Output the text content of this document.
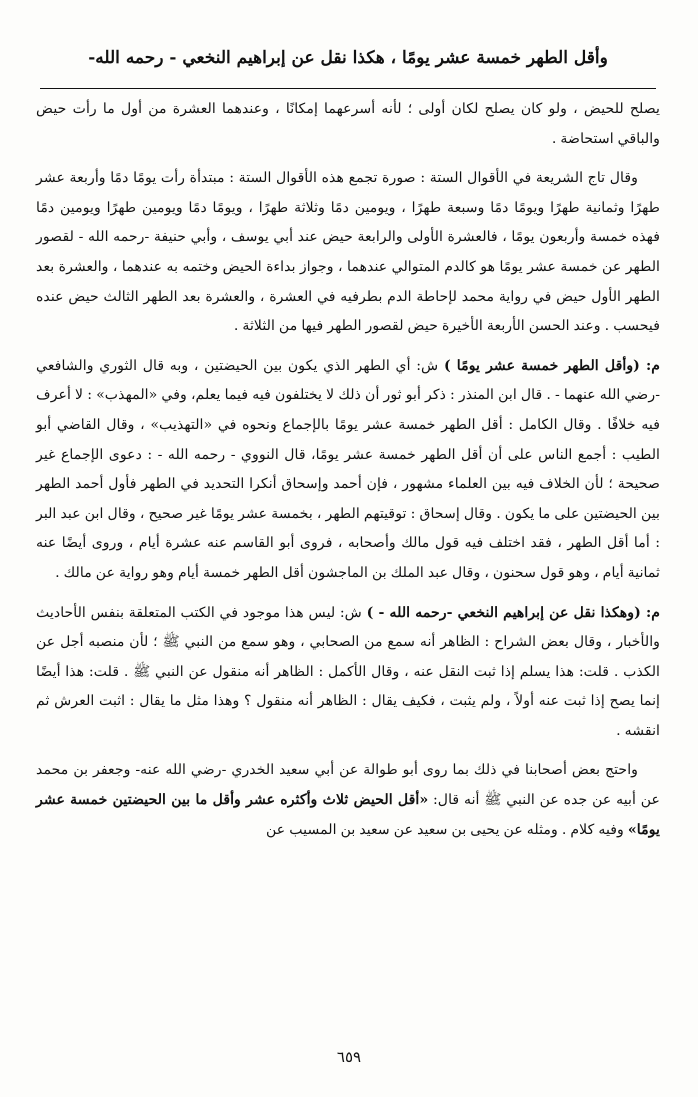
وأقل الطهر خمسة عشر يومًا ، هكذا نقل عن إبراهيم النخعي - رحمه الله-

يصلح للحيض ، ولو كان يصلح لكان أولى ؛ لأنه أسرعهما إمكانًا ، وعندهما العشرة من أول ما رأت حيض والباقي استحاضة .

وقال تاج الشريعة في الأقوال الستة : صورة تجمع هذه الأقوال الستة : مبتدأة رأت يومًا دمًا وأربعة عشر طهرًا وثمانية طهرًا ويومًا دمًا وسبعة طهرًا ، ويومين دمًا وثلاثة طهرًا ، ويومًا دمًا ويومين طهرًا ويومين دمًا فهذه خمسة وأربعون يومًا ، فالعشرة الأولى والرابعة حيض عند أبي يوسف ، وأبي حنيفة -رحمه الله - لقصور الطهر عن خمسة عشر يومًا هو كالدم المتوالي عندهما ، وجواز بداءة الحيض وختمه به عندهما ، والعشرة بعد الطهر الأول حيض في رواية محمد لإحاطة الدم بطرفيه في العشرة ، والعشرة بعد الطهر الثالث حيض عنده فيحسب . وعند الحسن الأربعة الأخيرة حيض لقصور الطهر فيها من الثلاثة .

م: (وأقل الطهر خمسة عشر يومًا ) ش: أي الطهر الذي يكون بين الحيضتين ، وبه قال الثوري والشافعي -رضي الله عنهما - . قال ابن المنذر : ذكر أبو ثور أن ذلك لا يختلفون فيه فيما يعلم، وفي «المهذب» : لا أعرف فيه خلافًا . وقال الكامل : أقل الطهر خمسة عشر يومًا بالإجماع ونحوه في «التهذيب» ، وقال القاضي أبو الطيب : أجمع الناس على أن أقل الطهر خمسة عشر يومًا، قال النووي - رحمه الله - : دعوى الإجماع غير صحيحة ؛ لأن الخلاف فيه بين العلماء مشهور ، فإن أحمد وإسحاق أنكرا التحديد في الطهر فأول أحمد الطهر بين الحيضتين على ما يكون . وقال إسحاق : توقيتهم الطهر ، بخمسة عشر يومًا غير صحيح ، وقال ابن عبد البر : أما أقل الطهر ، فقد اختلف فيه قول مالك وأصحابه ، فروى أبو القاسم عنه عشرة أيام ، وروى أيضًا عنه ثمانية أيام ، وهو قول سحنون ، وقال عبد الملك بن الماجشون أقل الطهر خمسة أيام وهو رواية عن مالك .

م: (وهكذا نقل عن إبراهيم النخعي -رحمه الله - ) ش: ليس هذا موجود في الكتب المتعلقة بنفس الأحاديث والأخبار ، وقال بعض الشراح : الظاهر أنه سمع من الصحابي ، وهو سمع من النبي ﷺ ؛ لأن منصبه أجل عن الكذب . قلت: هذا يسلم إذا ثبت النقل عنه ، وقال الأكمل : الظاهر أنه منقول عن النبي ﷺ . قلت: هذا أيضًا إنما يصح إذا ثبت عنه أولاً ، ولم يثبت ، فكيف يقال : الظاهر أنه منقول ؟ وهذا مثل ما يقال : اثبت العرش ثم انقشه .

واحتج بعض أصحابنا في ذلك بما روى أبو طوالة عن أبي سعيد الخدري -رضي الله عنه- وجعفر بن محمد عن أبيه عن جده عن النبي ﷺ أنه قال: «أقل الحيض ثلاث وأكثره عشر وأقل ما بين الحيضتين خمسة عشر يومًا» وفيه كلام . ومثله عن يحيى بن سعيد عن سعيد بن المسيب عن

٦٥٩
